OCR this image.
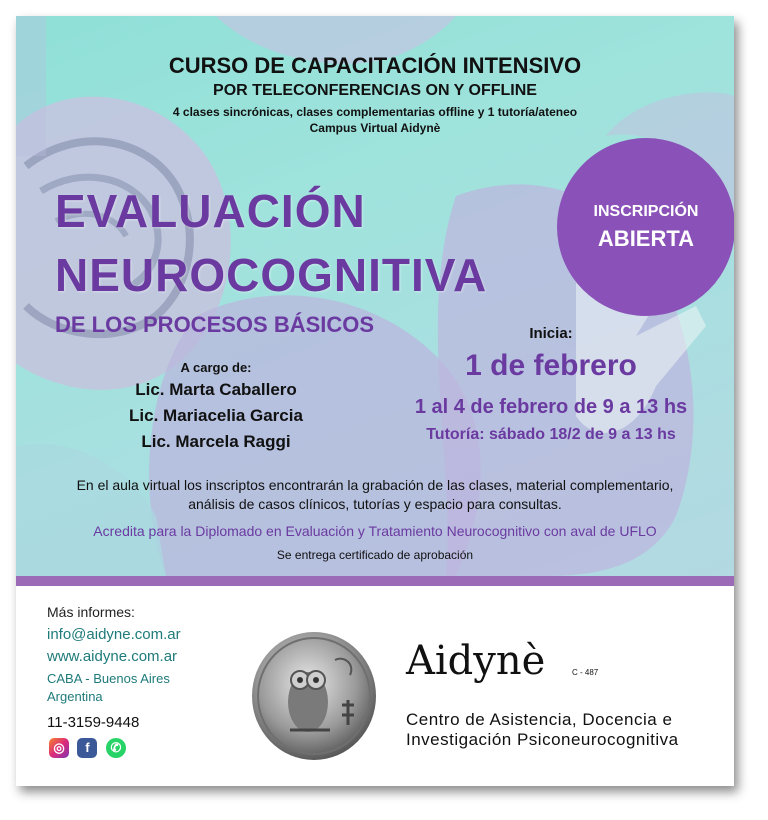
CURSO DE CAPACITACIÓN INTENSIVO
POR TELECONFERENCIAS ON Y OFFLINE
4 clases sincrónicas, clases complementarias offline y 1 tutoría/ateneo
Campus Virtual Aidynè
EVALUACIÓN
NEUROCOGNITIVA
DE LOS PROCESOS BÁSICOS
INSCRIPCIÓN
ABIERTA
A cargo de:
Lic. Marta Caballero
Lic. Mariacelia Garcia
Lic. Marcela Raggi
Inicia:
1 de febrero
1 al 4 de febrero de 9 a 13 hs
Tutoría: sábado 18/2 de 9 a 13 hs
En el aula virtual los inscriptos encontrarán la grabación de las clases, material complementario,
análisis de casos clínicos, tutorías y espacio para consultas.
Acredita para la Diplomado en Evaluación y Tratamiento Neurocognitivo con aval de UFLO
Se entrega certificado de aprobación
Más informes:
info@aidyne.com.ar
www.aidyne.com.ar
CABA - Buenos Aires
Argentina
11-3159-9448
◎ f ✆
Aidynè	C - 487
Centro de Asistencia, Docencia e
Investigación Psiconeurocognitiva
